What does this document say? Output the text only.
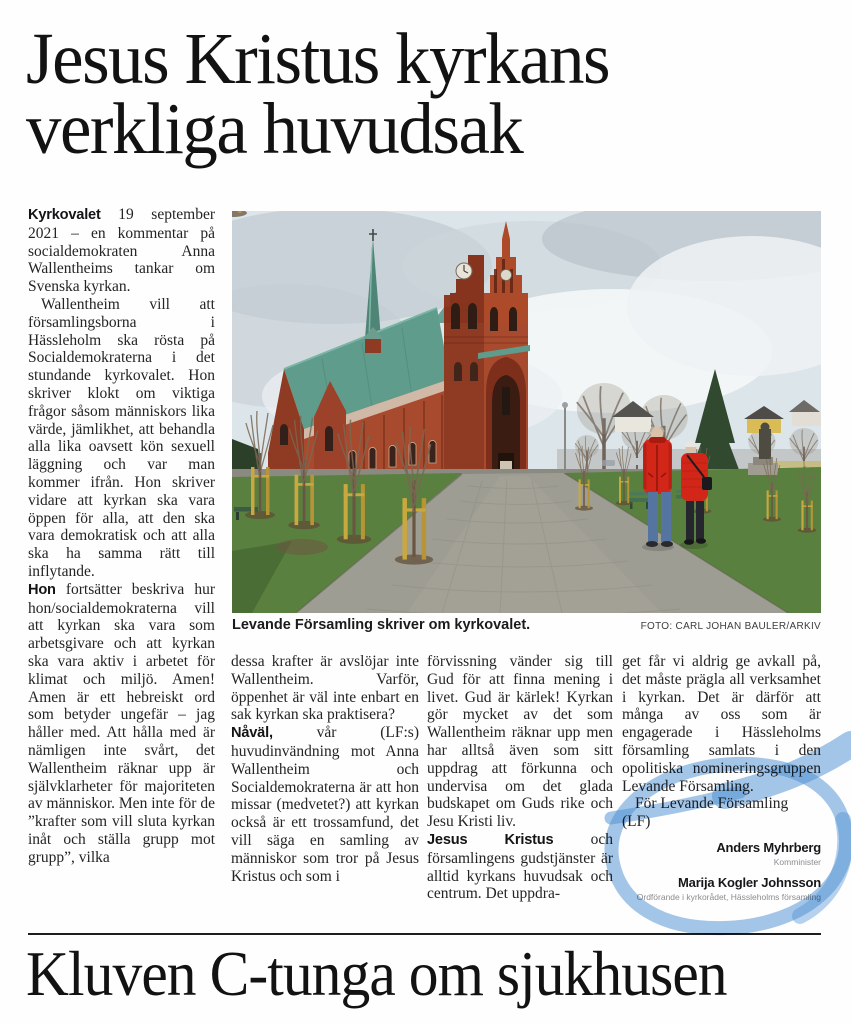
Jesus Kristus kyrkans
verkliga huvudsak

Kyrkovalet 19 september 2021 – en kommentar på socialdemokraten Anna Wallentheims tankar om Svenska kyrkan.

Wallentheim vill att församlingsborna i Hässleholm ska rösta på Socialdemokraterna i det stundande kyrkovalet. Hon skriver klokt om viktiga frågor såsom människors lika värde, jämlikhet, att behandla alla lika oavsett kön sexuell läggning och var man kommer ifrån. Hon skriver vidare att kyrkan ska vara öppen för alla, att den ska vara demokratisk och att alla ska ha samma rätt till inflytande.

Hon fortsätter beskriva hur hon/socialdemokraterna vill att kyrkan ska vara som arbetsgivare och att kyrkan ska vara aktiv i arbetet för klimat och miljö. Amen! Amen är ett hebreiskt ord som betyder ungefär – jag håller med. Att hålla med är nämligen inte svårt, det Wallentheim räknar upp är självklarheter för majoriteten av människor. Men inte för de ”krafter som vill sluta kyrkan inåt och ställa grupp mot grupp”, vilka

Levande Församling skriver om kyrkovalet.	FOTO: CARL JOHAN BAULER/ARKIV

dessa krafter är avslöjar inte Wallentheim. Varför, öppenhet är väl inte enbart en sak kyrkan ska praktisera?

Nåväl, vår (LF:s) huvudinvändning mot Anna Wallentheim och Socialdemokraterna är att hon missar (medvetet?) att kyrkan också är ett trossamfund, det vill säga en samling av människor som tror på Jesus Kristus och som i

förvissning vänder sig till Gud för att finna mening i livet. Gud är kärlek! Kyrkan gör mycket av det som Wallentheim räknar upp men har alltså även som sitt uppdrag att förkunna och undervisa om det glada budskapet om Guds rike och Jesu Kristi liv.

Jesus Kristus och församlingens gudstjänster är alltid kyrkans huvudsak och centrum. Det uppdra-

get får vi aldrig ge avkall på, det måste prägla all verksamhet i kyrkan. Det är därför att många av oss som är engagerade i Hässleholms församling samlats i den opolitiska nomineringsgruppen Levande Församling.

För Levande Församling

(LF)

Anders Myhrberg
Komminister
Marija Kogler Johnsson
Ordförande i kyrkorådet, Hässleholms församling
Kluven C-tunga om sjukhusen
